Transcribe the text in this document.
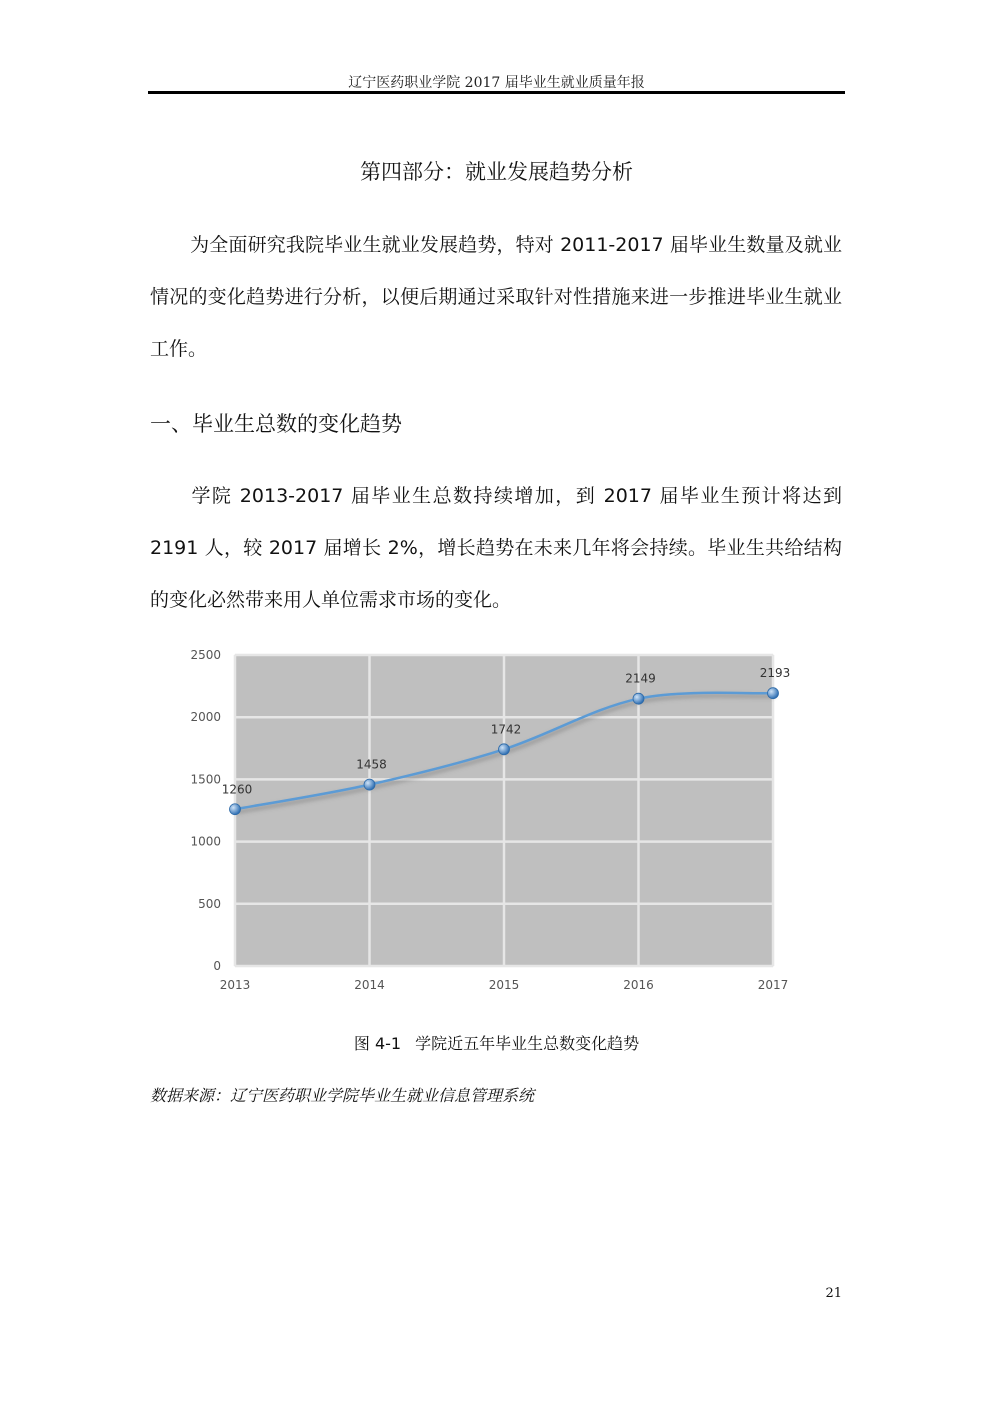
辽宁医药职业学院 2017 届毕业生就业质量年报
第四部分：就业发展趋势分析

为全面研究我院毕业生就业发展趋势，特对 2011-2017 届毕业生数量及就业情况的变化趋势进行分析，以便后期通过采取针对性措施来进一步推进毕业生就业工作。

一、毕业生总数的变化趋势

学院 2013-2017 届毕业生总数持续增加，到 2017 届毕业生预计将达到 2191 人，较 2017 届增长 2%，增长趋势在未来几年将会持续。毕业生共给结构的变化必然带来用人单位需求市场的变化。

0
500
1000
1500
2000
2500
2013	2014	2015	2016	2017
1260
1458
1742
2149	2193
图 4-1 学院近五年毕业生总数变化趋势
数据来源：辽宁医药职业学院毕业生就业信息管理系统
21
